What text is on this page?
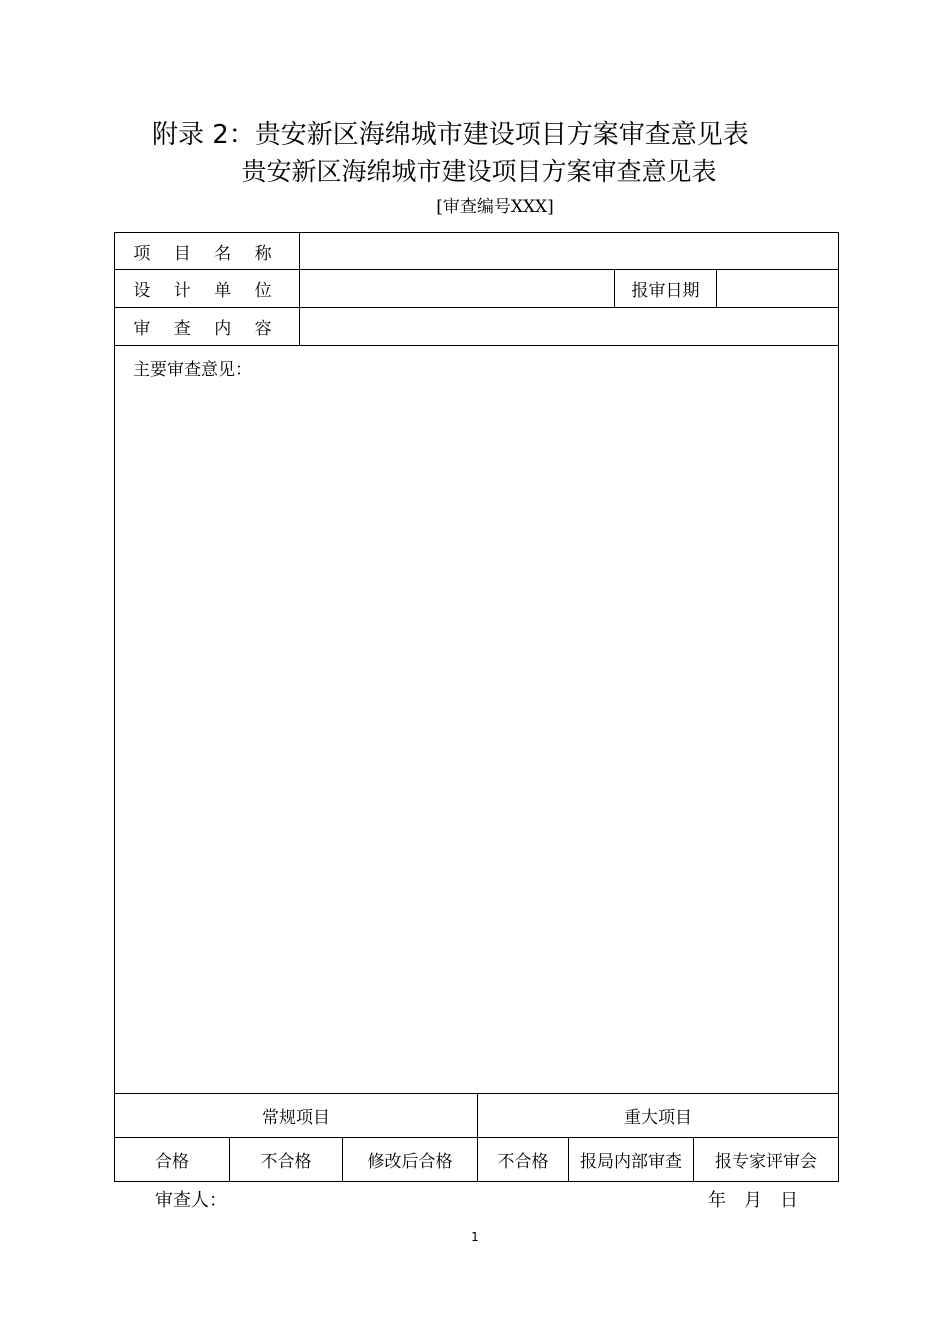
附录 2：贵安新区海绵城市建设项目方案审查意见表
贵安新区海绵城市建设项目方案审查意见表
[审查编号XXX]
项 目 名 称
设 计 单 位	报审日期
审 查 内 容
主要审查意见：
常规项目	重大项目
合格	不合格	修改后合格	不合格	报局内部审查	报专家评审会
审查人：	年　月　日
1
